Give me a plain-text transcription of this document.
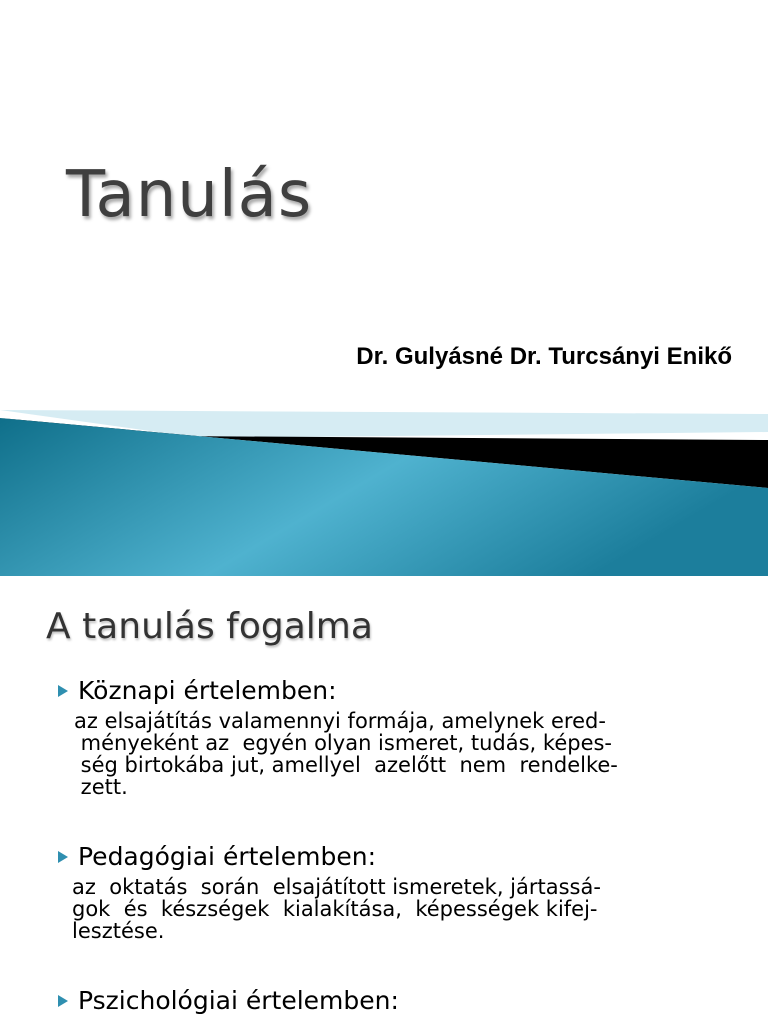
Tanulás

Dr. Gulyásné Dr. Turcsányi Enikő

A tanulás fogalma
Köznapi értelemben:
az elsajátítás valamennyi formája, amelynek ered-
ményeként az  egyén olyan ismeret, tudás, képes-
ség birtokába jut, amellyel  azelőtt  nem  rendelke-
zett.
Pedagógiai értelemben:
az  oktatás  során  elsajátított ismeretek, jártassá-
gok  és  készségek  kialakítása,  képességek kifej-
lesztése.
Pszichológiai értelemben:
